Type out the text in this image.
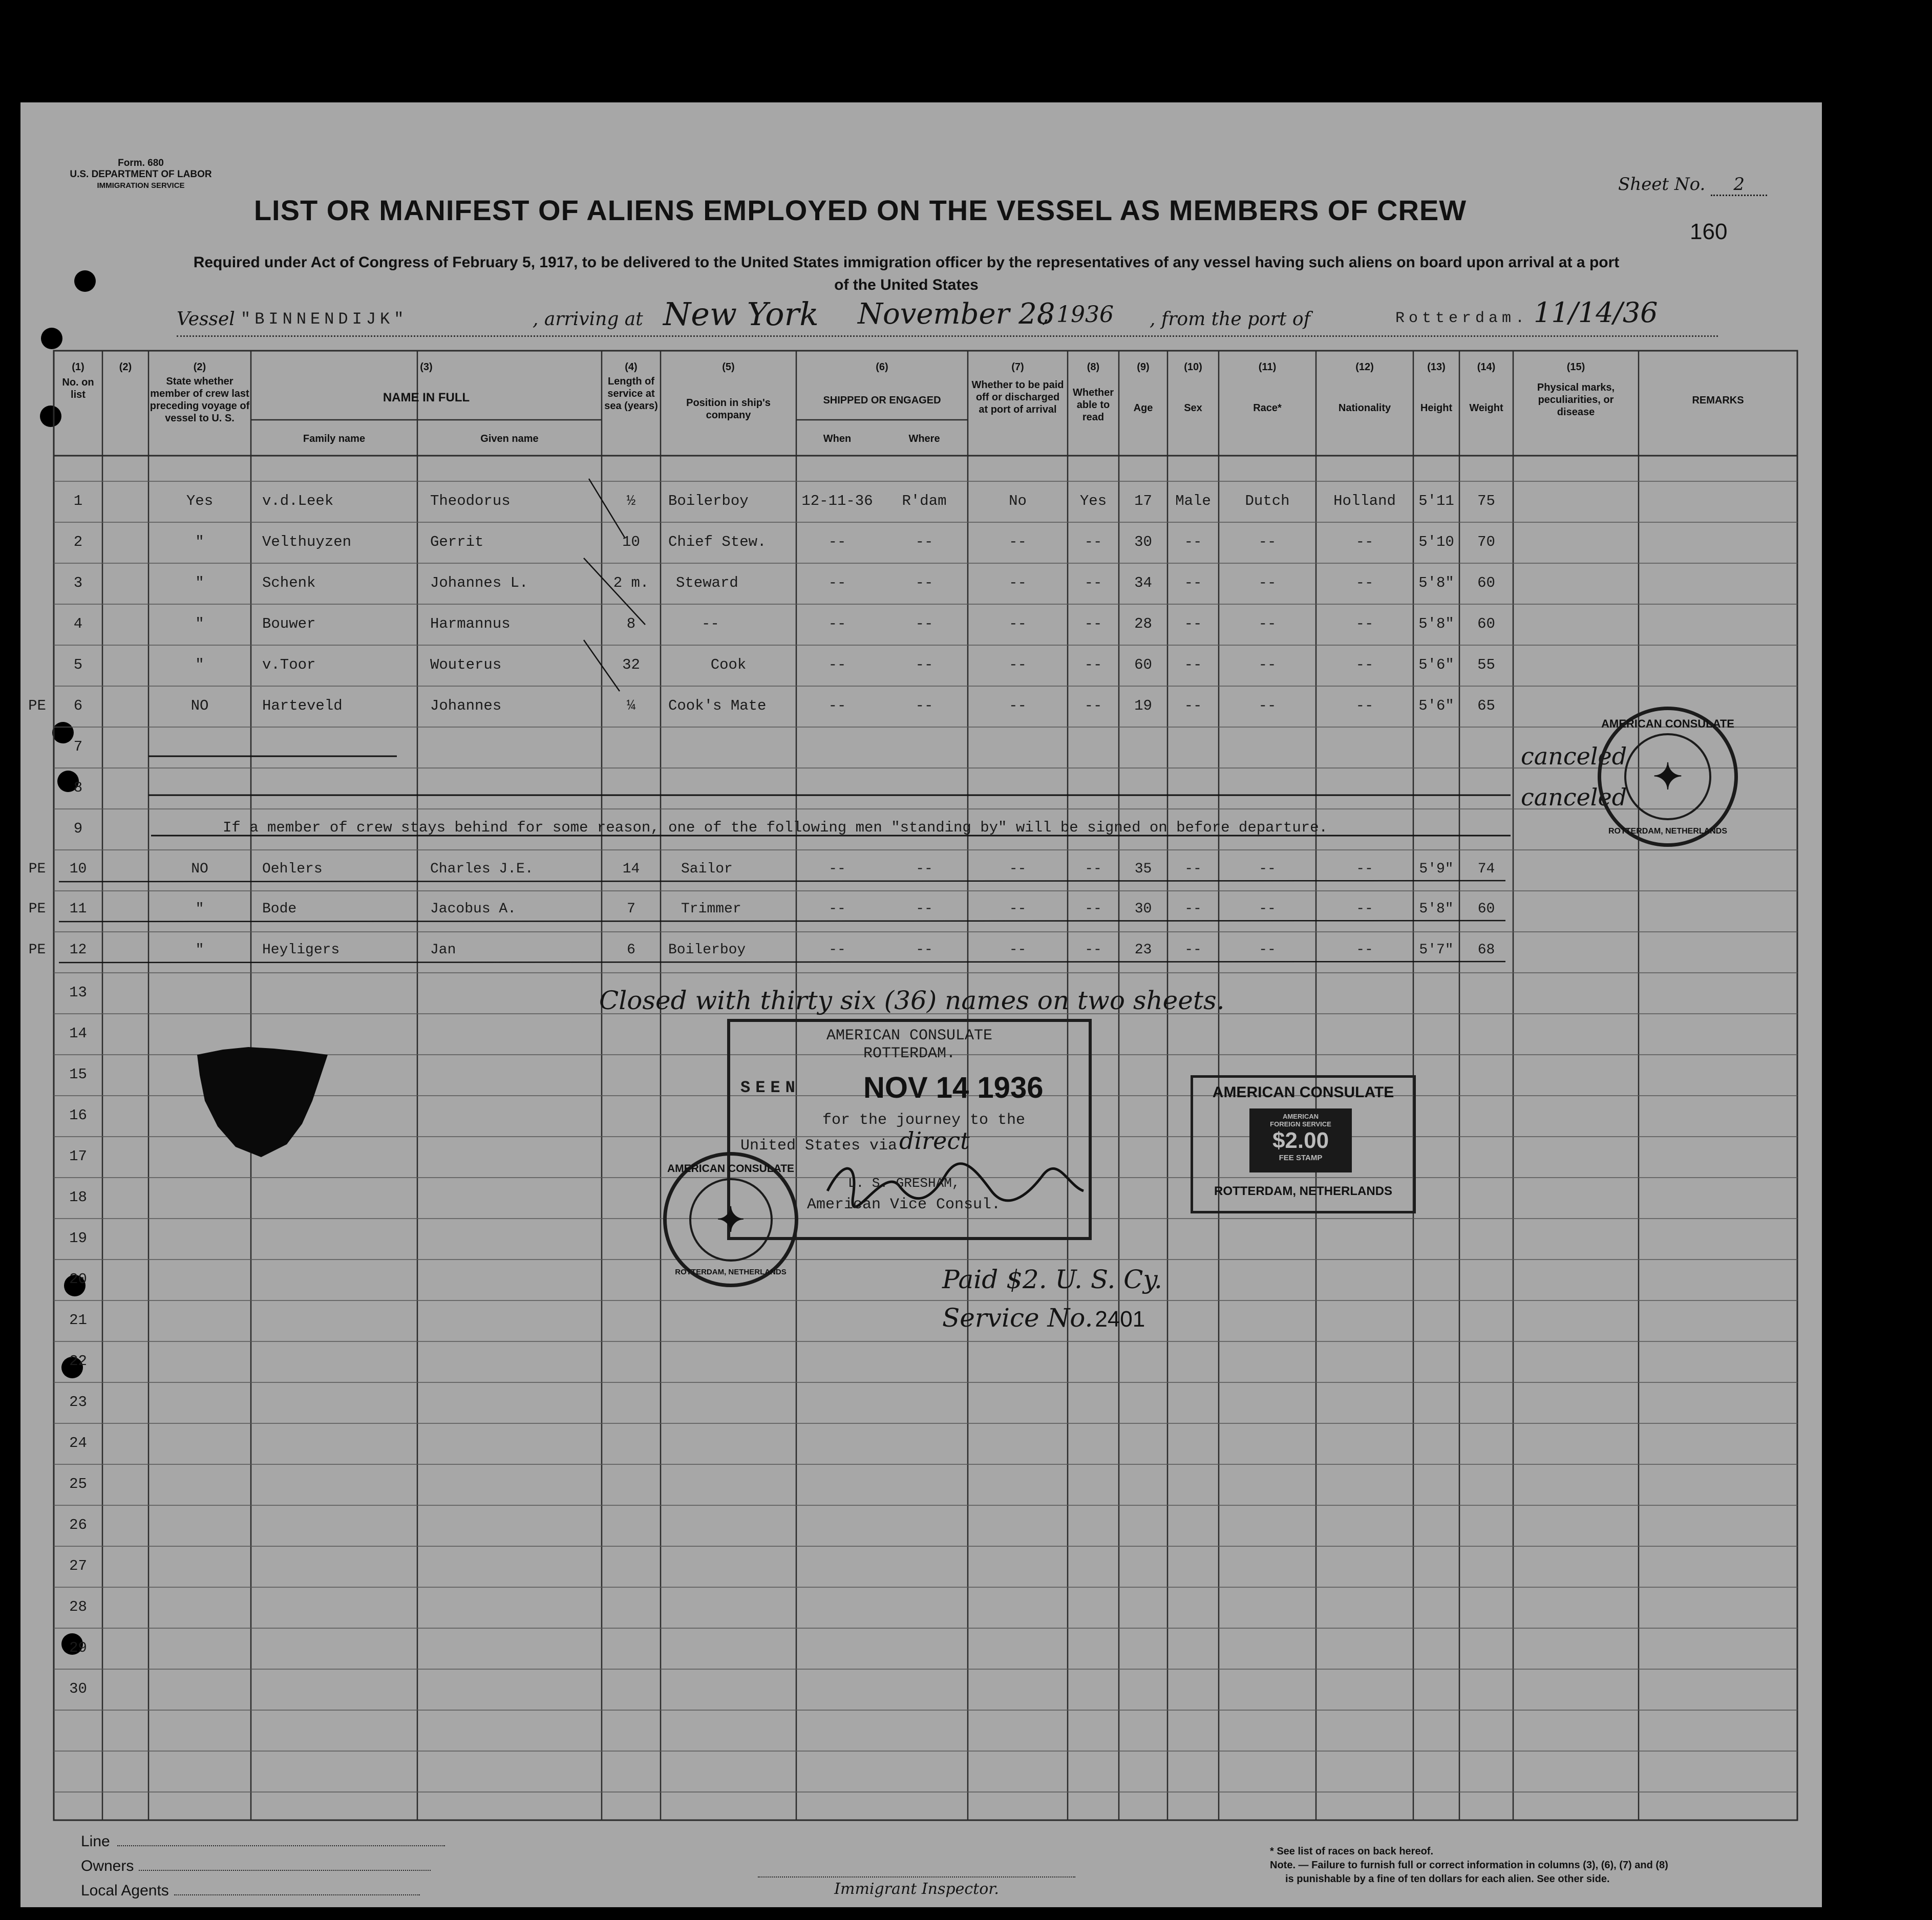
Form. 680
U.S. DEPARTMENT OF LABOR
IMMIGRATION SERVICE	Sheet No. 2
LIST OR MANIFEST OF ALIENS EMPLOYED ON THE VESSEL AS MEMBERS OF CREW
160
Required under Act of Congress of February 5, 1917, to be delivered to the United States immigration officer by the representatives of any vessel having such aliens on board upon arrival at a port
of the United States
Vessel "BINNENDIJK"	, arriving at New York November 28
, 1936 , from the port of	Rotterdam. 11/14/36
(1)
No. on list
(2)	(2)
State whether member of crew last preceding voyage of vessel to U. S.
(3)
NAME IN FULL
Family name	Given name
(4)
Length of service at sea (years)
(5)
Position in ship's company
(6)
SHIPPED OR ENGAGED
When	Where
(7)
Whether to be paid off or discharged at port of arrival
(8)
Whether able to read
(9)
Age
(10)
Sex
(11)
Race*
(12)
Nationality
(13)
Height
(14)
Weight
(15)
Physical marks, peculiarities, or disease
REMARKS
1	Yes	v.d.Leek	Theodorus	½	Boilerboy	12-11-36	R'dam	No	Yes	17	Male	Dutch	Holland	5'11	75
2	"	Velthuyzen	Gerrit	10	Chief Stew.	--	--	--	--	30	--	--	--	5'10	70
3	"	Schenk	Johannes L.	2 m.	Steward	--	--	--	--	34	--	--	--	5'8"	60
4	"	Bouwer	Harmannus	8	--	--	--	--	--	28	--	--	--	5'8"	60
5	"	v.Toor	Wouterus	32	Cook	--	--	--	--	60	--	--	--	5'6"	55
PE	6	NO	Harteveld	Johannes	¼	Cook's Mate	--	--	--	--	19	--	--	--	5'6"	65
7
8
9	If a member of crew stays behind for some reason, one of the following men "standing by" will be signed on before departure.
PE	10	NO	Oehlers	Charles J.E.	14	Sailor	--	--	--	--	35	--	--	--	5'9"	74
PE	11	"	Bode	Jacobus A.	7	Trimmer	--	--	--	--	30	--	--	--	5'8"	60
PE	12	"	Heyligers	Jan	6	Boilerboy	--	--	--	--	23	--	--	--	5'7"	68
13
14
15
16
17
18
19
20
21
22
23
24
25
26
27
28
29
30
canceled
canceled
✦
AMERICAN CONSULATE
ROTTERDAM, NETHERLANDS
Closed with thirty six (36) names on two sheets.
AMERICAN CONSULATE
ROTTERDAM.
SEEN NOV 14 1936
for the journey to the
United States via direct
L. S. GRESHAM,
American Vice Consul.
✦
AMERICAN CONSULATE
ROTTERDAM, NETHERLANDS
AMERICAN CONSULATE
AMERICAN
FOREIGN SERVICE
$2.00
FEE STAMP
ROTTERDAM, NETHERLANDS
Paid $2. U. S. Cy.
Service No. 2401
Line
Owners
Local Agents	Immigrant Inspector.
* See list of races on back hereof.
Note. — Failure to furnish full or correct information in columns (3), (6), (7) and (8)
is punishable by a fine of ten dollars for each alien. See other side.
